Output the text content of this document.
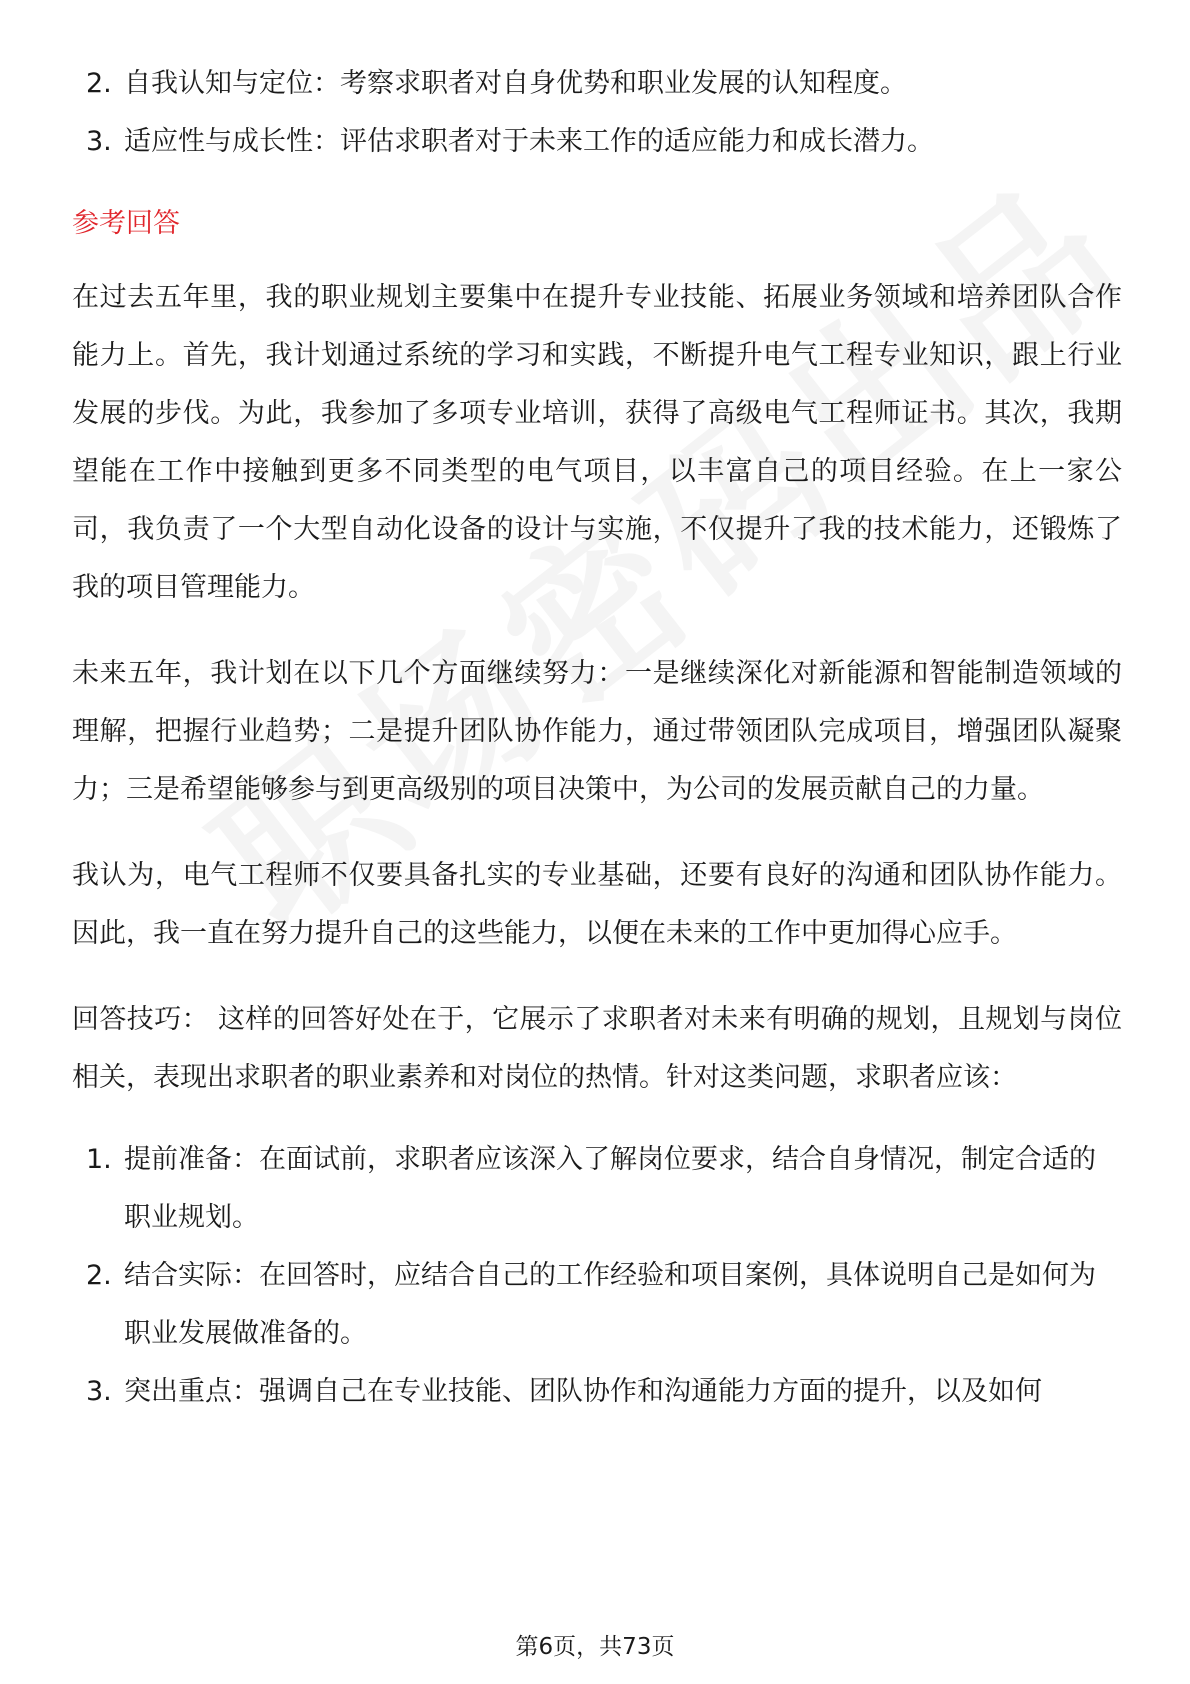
2. 自我认知与定位：考察求职者对自身优势和职业发展的认知程度。
3. 适应性与成长性：评估求职者对于未来工作的适应能力和成长潜力。
参考回答

在过去五年里，我的职业规划主要集中在提升专业技能、拓展业务领域和培养团队合作能力上。首先，我计划通过系统的学习和实践，不断提升电气工程专业知识，跟上行业发展的步伐。为此，我参加了多项专业培训，获得了高级电气工程师证书。其次，我期望能在工作中接触到更多不同类型的电气项目，以丰富自己的项目经验。在上一家公司，我负责了一个大型自动化设备的设计与实施，不仅提升了我的技术能力，还锻炼了我的项目管理能力。

未来五年，我计划在以下几个方面继续努力：一是继续深化对新能源和智能制造领域的理解，把握行业趋势；二是提升团队协作能力，通过带领团队完成项目，增强团队凝聚力；三是希望能够参与到更高级别的项目决策中，为公司的发展贡献自己的力量。

我认为，电气工程师不仅要具备扎实的专业基础，还要有良好的沟通和团队协作能力。因此，我一直在努力提升自己的这些能力，以便在未来的工作中更加得心应手。

回答技巧： 这样的回答好处在于，它展示了求职者对未来有明确的规划，且规划与岗位相关，表现出求职者的职业素养和对岗位的热情。针对这类问题，求职者应该：

1. 提前准备：在面试前，求职者应该深入了解岗位要求，结合自身情况，制定合适的职业规划。
2. 结合实际：在回答时，应结合自己的工作经验和项目案例，具体说明自己是如何为职业发展做准备的。
3. 突出重点：强调自己在专业技能、团队协作和沟通能力方面的提升，以及如何
第6页，共73页
